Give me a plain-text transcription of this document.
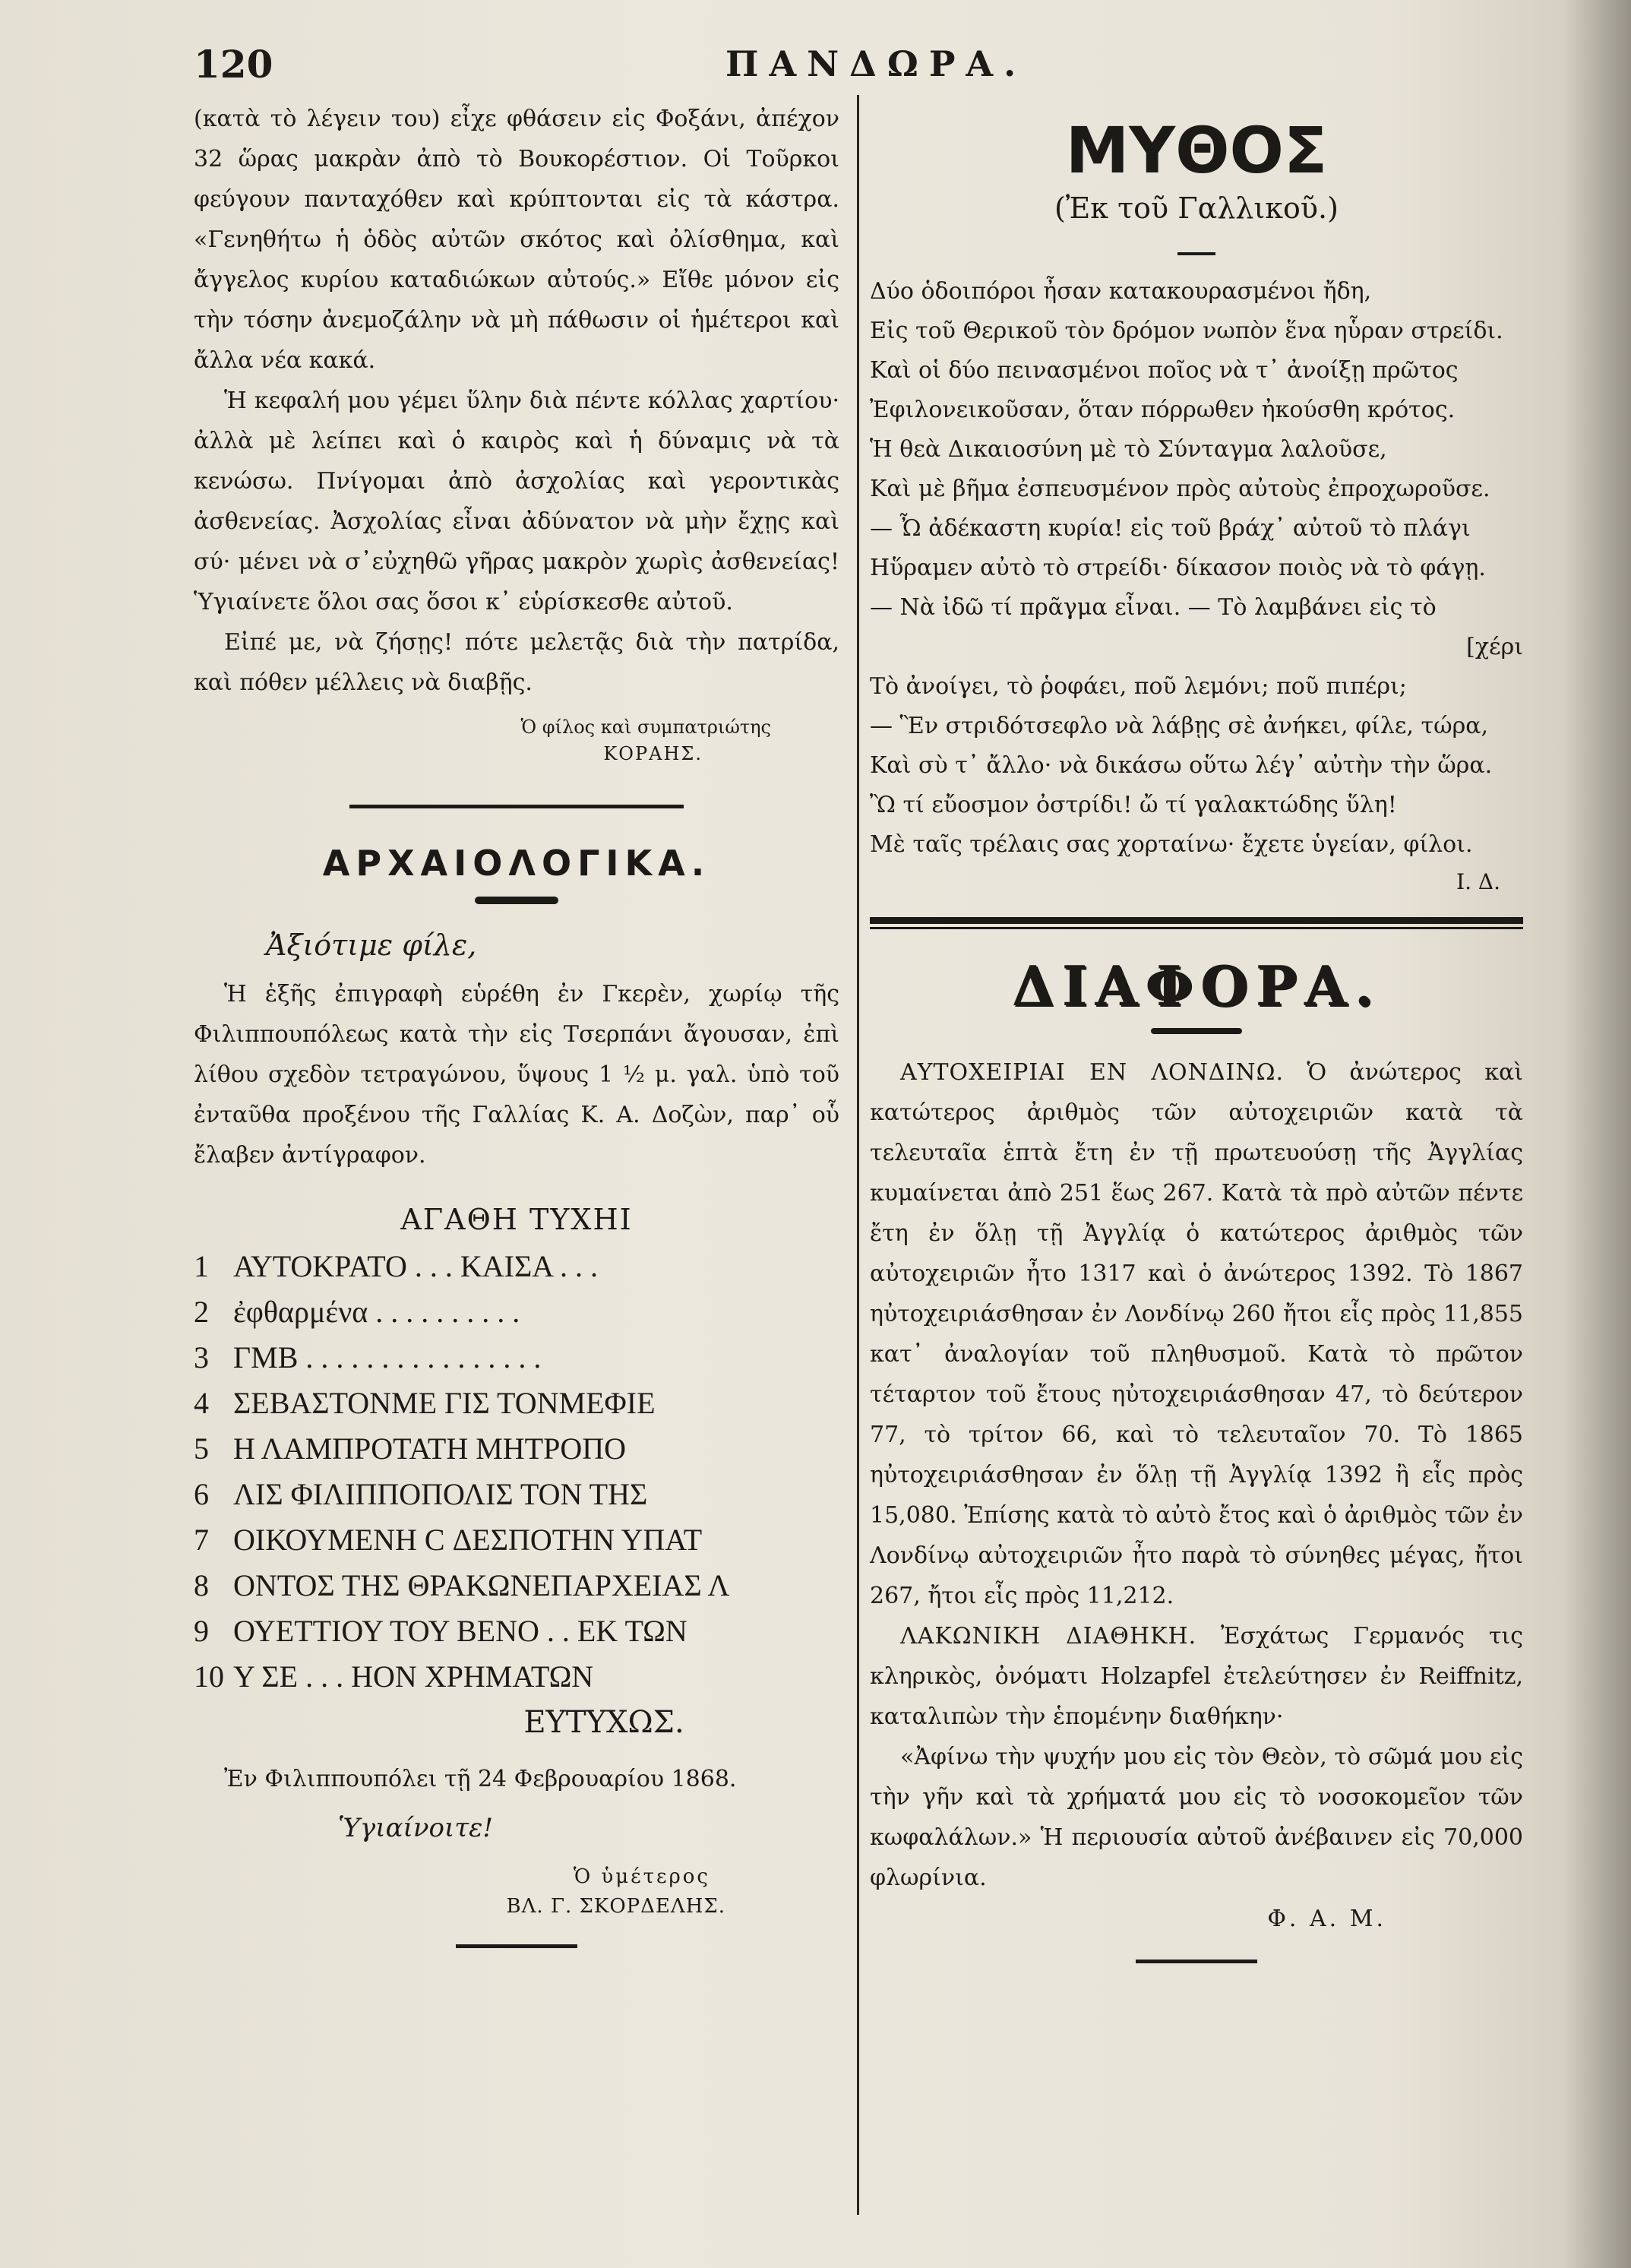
120	ΠΑΝΔΩΡΑ.

(κατὰ τὸ λέγειν του) εἶχε φθάσειν εἰς Φοξάνι, ἀπέχον 32 ὥρας μακρὰν ἀπὸ τὸ Βουκορέστιον. Οἱ Τοῦρκοι φεύγουν πανταχόθεν καὶ κρύπτονται εἰς τὰ κάστρα. «Γενηθήτω ἡ ὁδὸς αὐτῶν σκότος καὶ ὀλίσθημα, καὶ ἄγγελος κυρίου καταδιώκων αὐτούς.» Εἴθε μόνον εἰς τὴν τόσην ἀνεμοζάλην νὰ μὴ πάθωσιν οἱ ἡμέτεροι καὶ ἄλλα νέα κακά.

Ἡ κεφαλή μου γέμει ὕλην διὰ πέντε κόλλας χαρτίου· ἀλλὰ μὲ λείπει καὶ ὁ καιρὸς καὶ ἡ δύναμις νὰ τὰ κενώσω. Πνίγομαι ἀπὸ ἀσχολίας καὶ γεροντικὰς ἀσθενείας. Ἀσχολίας εἶναι ἀδύνατον νὰ μὴν ἔχῃς καὶ σύ· μένει νὰ σ᾽εὐχηθῶ γῆρας μακρὸν χωρὶς ἀσθενείας! Ὑγιαίνετε ὅλοι σας ὅσοι κ᾽ εὑρίσκεσθε αὐτοῦ.

Εἰπέ με, νὰ ζήσῃς! πότε μελετᾷς διὰ τὴν πατρίδα, καὶ πόθεν μέλλεις νὰ διαβῇς.

Ὁ φίλος καὶ συμπατριώτης
ΚΟΡΑΗΣ.
ΑΡΧΑΙΟΛΟΓΙΚΑ.

Ἀξιότιμε φίλε,

Ἡ ἑξῆς ἐπιγραφὴ εὑρέθη ἐν Γκερὲν, χωρίῳ τῆς Φιλιππουπόλεως κατὰ τὴν εἰς Τσερπάνι ἄγουσαν, ἐπὶ λίθου σχεδὸν τετραγώνου, ὕψους 1 ½ μ. γαλ. ὑπὸ τοῦ ἐνταῦθα προξένου τῆς Γαλλίας Κ. Α. Δοζὼν, παρ᾽ οὗ ἔλαβεν ἀντίγραφον.

ΑΓΑΘΗ ΤΥΧΗΙ

1 ΑΥΤΟΚΡΑΤΟ . . . ΚΑΙΣΑ . . .

2 ἐφθαρμένα . . . . . . . . . .

3 ΓΜΒ . . . . . . . . . . . . . . . .

4 ΣΕΒΑΣΤΟΝΜΕ ΓΙΣ ΤΟΝΜΕΦΙΕ

5 Η ΛΑΜΠΡΟΤΑΤΗ ΜΗΤΡΟΠΟ

6 ΛΙΣ ΦΙΛΙΠΠΟΠΟΛΙΣ ΤΟΝ ΤΗΣ

7 ΟΙΚΟΥΜΕΝΗ C ΔΕΣΠΟΤΗΝ ΥΠΑΤ

8 ΟΝΤΟΣ ΤΗΣ ΘΡΑΚΩΝΕΠΑΡΧΕΙΑΣ Λ

9 ΟΥΕΤΤΙΟΥ ΤΟΥ ΒΕΝΟ . . ΕΚ ΤΩΝ

10 Υ ΣΕ . . . ΗΟΝ ΧΡΗΜΑΤΩΝ

ΕΥΤΥΧΩΣ.

Ἐν Φιλιππουπόλει τῇ 24 Φεβρουαρίου 1868.

Ὑγιαίνοιτε!

Ὁ ὑμέτερος
ΒΛ. Γ. ΣΚΟΡΔΕΛΗΣ.
ΜΥΘΟΣ

(Ἐκ τοῦ Γαλλικοῦ.)

Δύο ὁδοιπόροι ἦσαν κατακουρασμένοι ἤδη,

Εἰς τοῦ Θερικοῦ τὸν δρόμον νωπὸν ἕνα ηὗραν στρείδι.

Καὶ οἱ δύο πεινασμένοι ποῖος νὰ τ᾽ ἀνοίξῃ πρῶτος

Ἐφιλονεικοῦσαν, ὅταν πόρρωθεν ἠκούσθη κρότος.

Ἡ θεὰ Δικαιοσύνη μὲ τὸ Σύνταγμα λαλοῦσε,

Καὶ μὲ βῆμα ἐσπευσμένον πρὸς αὐτοὺς ἐπροχωροῦσε.

— Ὦ ἀδέκαστη κυρία! εἰς τοῦ βράχ᾽ αὐτοῦ τὸ πλάγι

Ηὕραμεν αὐτὸ τὸ στρείδι· δίκασον ποιὸς νὰ τὸ φάγῃ.

— Νὰ ἰδῶ τί πρᾶγμα εἶναι. — Τὸ λαμβάνει εἰς τὸ

[χέρι

Τὸ ἀνοίγει, τὸ ῥοφάει, ποῦ λεμόνι; ποῦ πιπέρι;

— Ἓν στριδότσεφλο νὰ λάβῃς σὲ ἀνήκει, φίλε, τώρα,

Καὶ σὺ τ᾽ ἄλλο· νὰ δικάσω οὕτω λέγ᾽ αὐτὴν τὴν ὥρα.

Ὢ τί εὔοσμον ὀστρίδι! ὤ τί γαλακτώδης ὕλη!

Μὲ ταῖς τρέλαις σας χορταίνω· ἔχετε ὑγείαν, φίλοι.

Ι. Δ.

ΔΙΑΦΟΡΑ.

ΑΥΤΟΧΕΙΡΙΑΙ ΕΝ ΛΟΝΔΙΝΩ. Ὁ ἀνώτερος καὶ κατώτερος ἀριθμὸς τῶν αὐτοχειριῶν κατὰ τὰ τελευταῖα ἑπτὰ ἔτη ἐν τῇ πρωτευούσῃ τῆς Ἀγγλίας κυμαίνεται ἀπὸ 251 ἕως 267. Κατὰ τὰ πρὸ αὐτῶν πέντε ἔτη ἐν ὅλῃ τῇ Ἀγγλίᾳ ὁ κατώτερος ἀριθμὸς τῶν αὐτοχειριῶν ἦτο 1317 καὶ ὁ ἀνώτερος 1392. Τὸ 1867 ηὐτοχειριάσθησαν ἐν Λονδίνῳ 260 ἤτοι εἷς πρὸς 11,855 κατ᾽ ἀναλογίαν τοῦ πληθυσμοῦ. Κατὰ τὸ πρῶτον τέταρτον τοῦ ἔτους ηὐτοχειριάσθησαν 47, τὸ δεύτερον 77, τὸ τρίτον 66, καὶ τὸ τελευταῖον 70. Τὸ 1865 ηὐτοχειριάσθησαν ἐν ὅλῃ τῇ Ἀγγλίᾳ 1392 ἢ εἷς πρὸς 15,080. Ἐπίσης κατὰ τὸ αὐτὸ ἔτος καὶ ὁ ἀριθμὸς τῶν ἐν Λονδίνῳ αὐτοχειριῶν ἦτο παρὰ τὸ σύνηθες μέγας, ἤτοι 267, ἤτοι εἷς πρὸς 11,212.

ΛΑΚΩΝΙΚΗ ΔΙΑΘΗΚΗ. Ἐσχάτως Γερμανός τις κληρικὸς, ὀνόματι Holzapfel ἐτελεύτησεν ἐν Reiffnitz, καταλιπὼν τὴν ἑπομένην διαθήκην·

«Ἀφίνω τὴν ψυχήν μου εἰς τὸν Θεὸν, τὸ σῶμά μου εἰς τὴν γῆν καὶ τὰ χρήματά μου εἰς τὸ νοσοκομεῖον τῶν κωφαλάλων.» Ἡ περιουσία αὐτοῦ ἀνέβαινεν εἰς 70,000 φλωρίνια.

Φ. Α. Μ.
